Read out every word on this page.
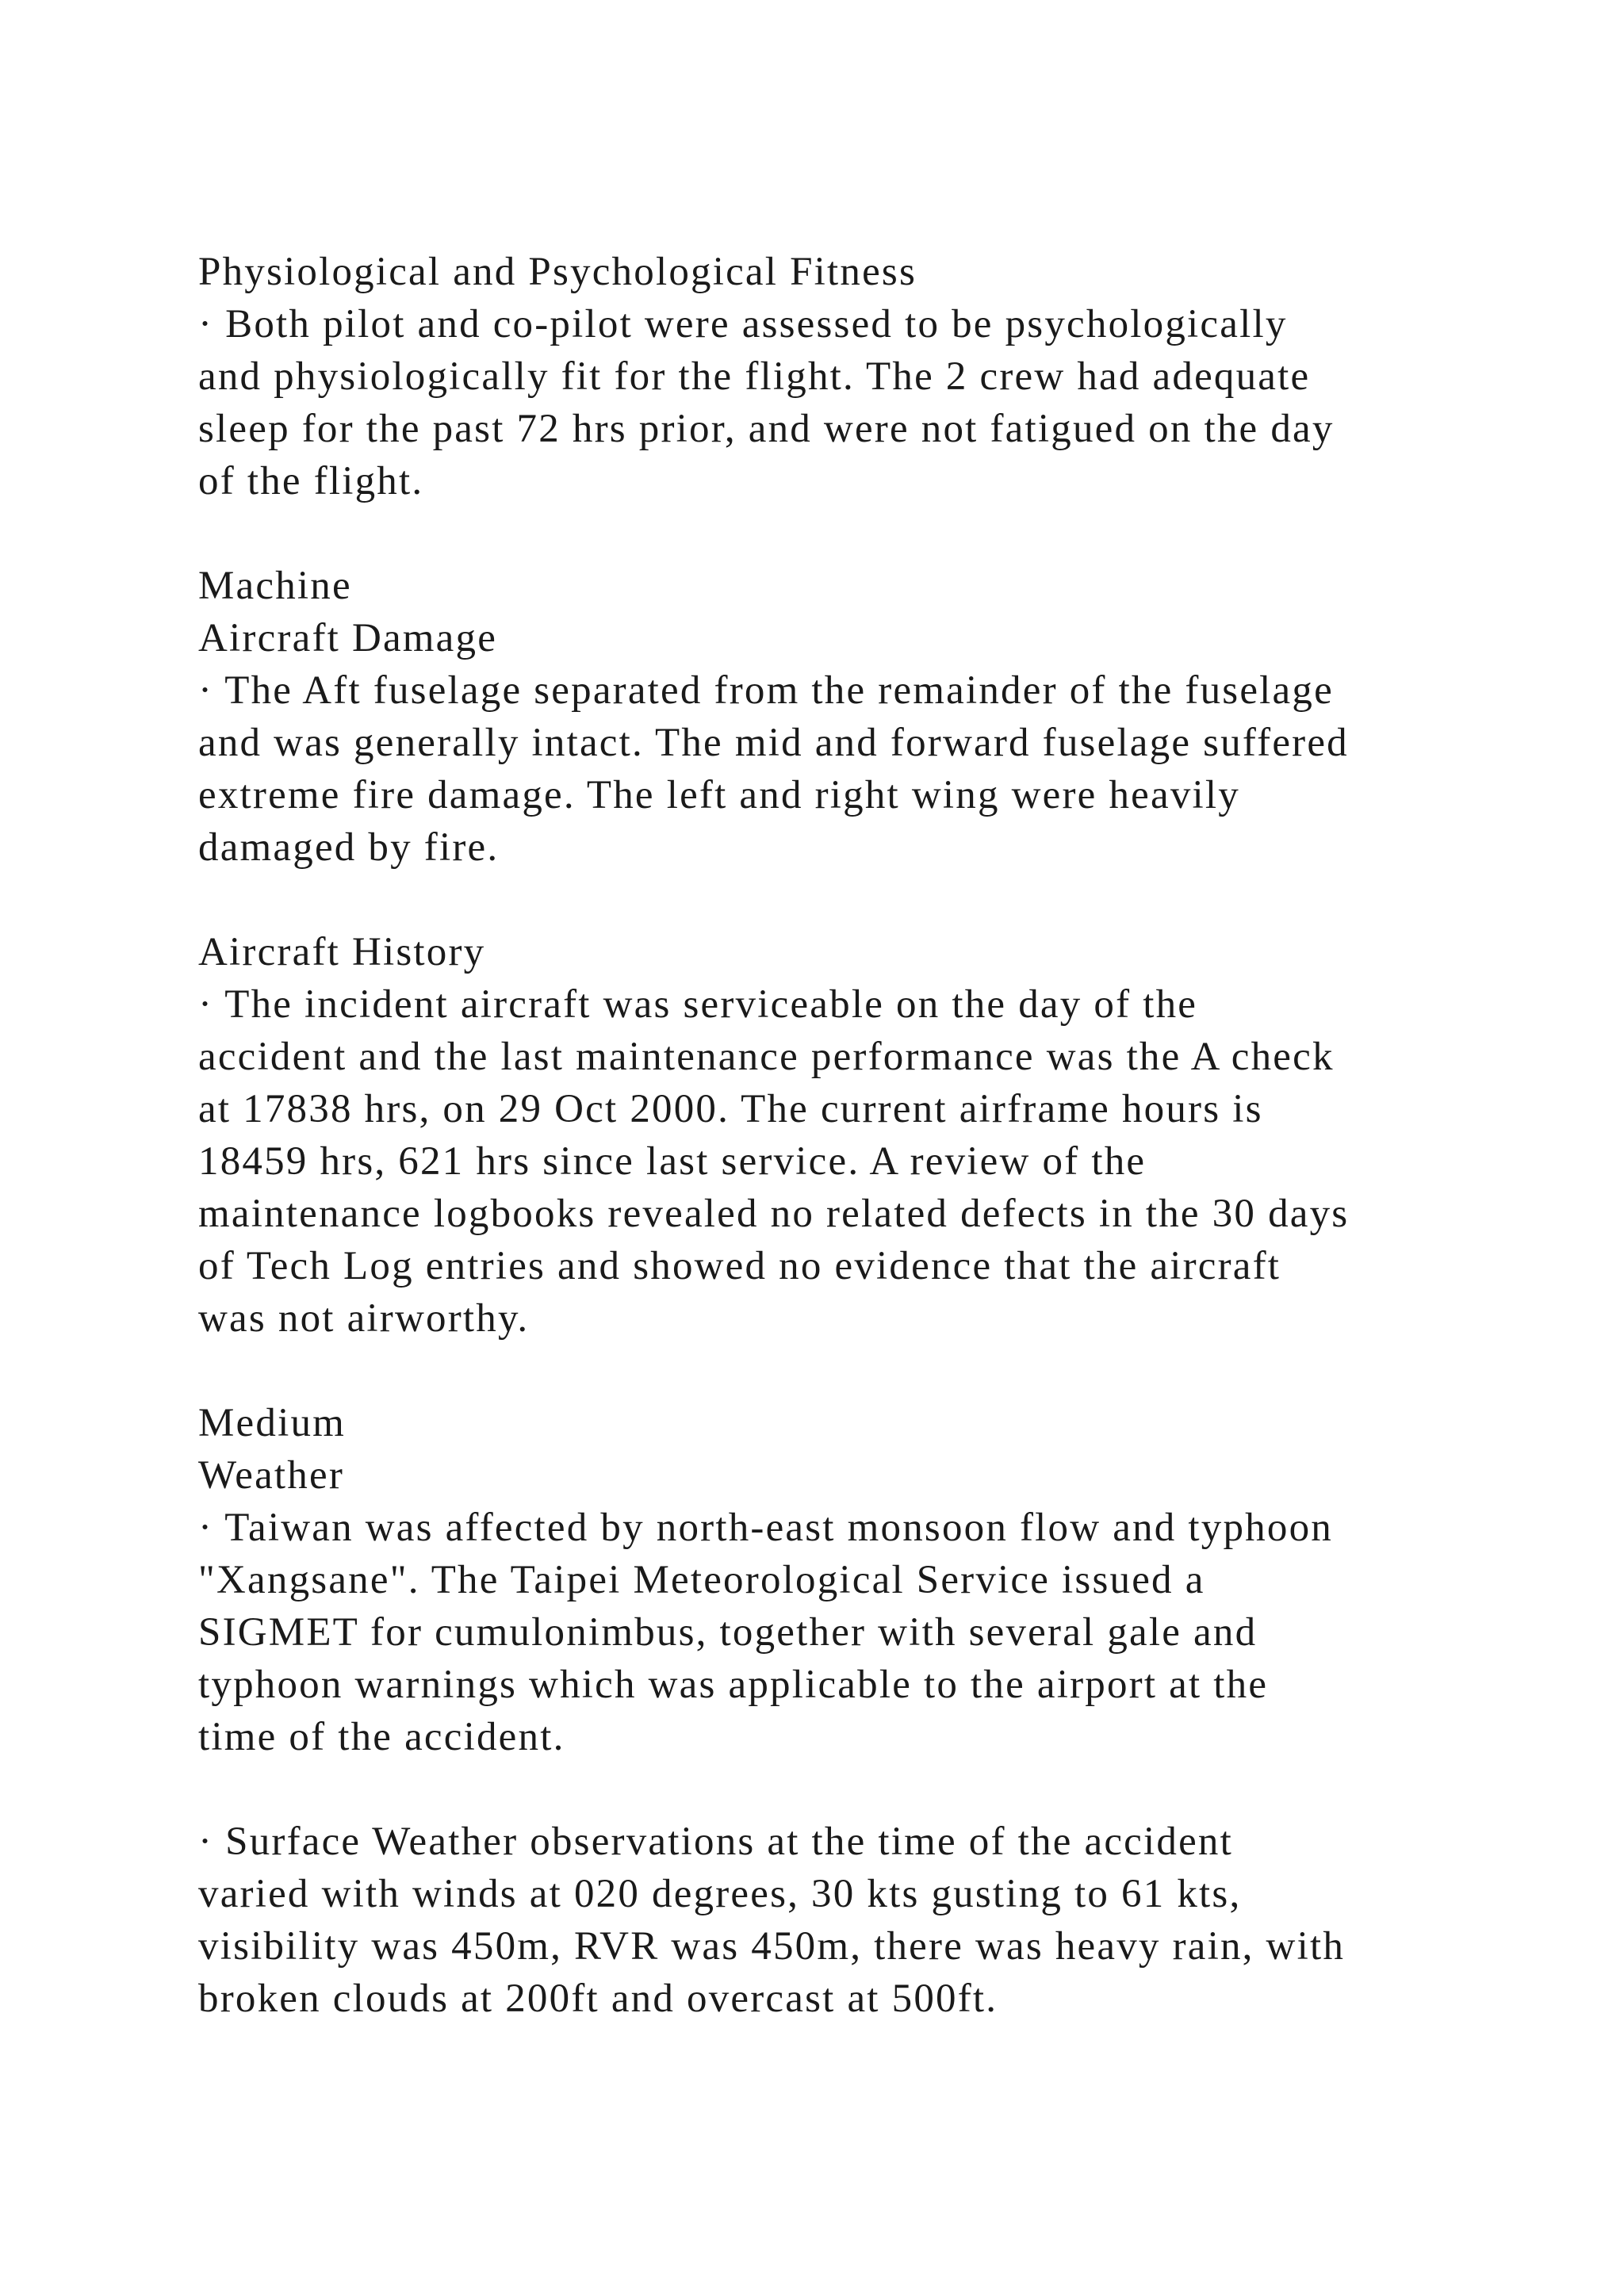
Physiological and Psychological Fitness
· Both pilot and co-pilot were assessed to be psychologically
and physiologically fit for the flight. The 2 crew had adequate
sleep for the past 72 hrs prior, and were not fatigued on the day
of the flight.
Machine
Aircraft Damage
· The Aft fuselage separated from the remainder of the fuselage
and was generally intact. The mid and forward fuselage suffered
extreme fire damage. The left and right wing were heavily
damaged by fire.
Aircraft History
· The incident aircraft was serviceable on the day of the
accident and the last maintenance performance was the A check
at 17838 hrs, on 29 Oct 2000. The current airframe hours is
18459 hrs, 621 hrs since last service. A review of the
maintenance logbooks revealed no related defects in the 30 days
of Tech Log entries and showed no evidence that the aircraft
was not airworthy.
Medium
Weather
· Taiwan was affected by north-east monsoon flow and typhoon
"Xangsane". The Taipei Meteorological Service issued a
SIGMET for cumulonimbus, together with several gale and
typhoon warnings which was applicable to the airport at the
time of the accident.
· Surface Weather observations at the time of the accident
varied with winds at 020 degrees, 30 kts gusting to 61 kts,
visibility was 450m, RVR was 450m, there was heavy rain, with
broken clouds at 200ft and overcast at 500ft.
